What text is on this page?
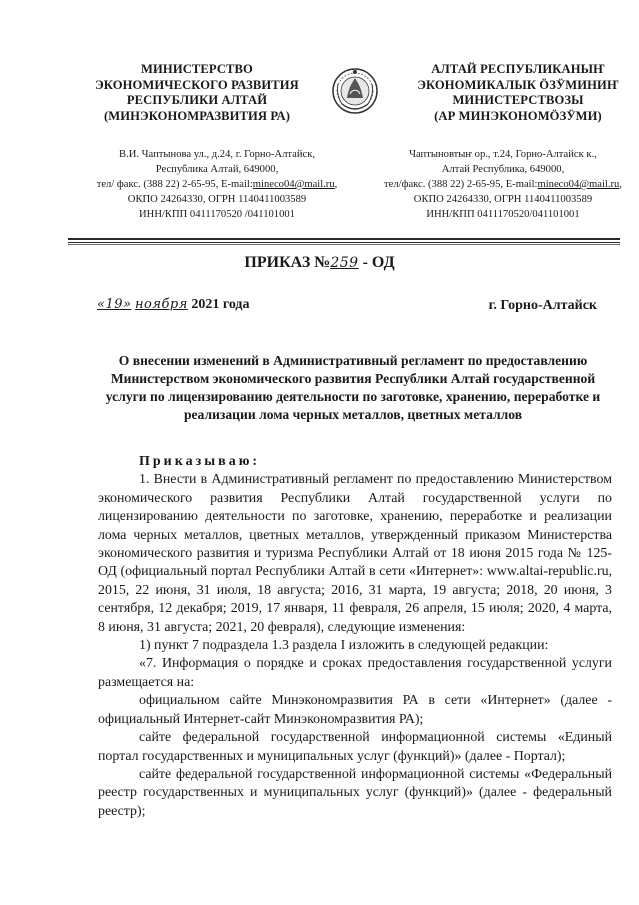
МИНИСТЕРСТВО
ЭКОНОМИЧЕСКОГО РАЗВИТИЯ
РЕСПУБЛИКИ АЛТАЙ
(МИНЭКОНОМРАЗВИТИЯ РА)
АЛТАЙ РЕСПУБЛИКАНЫҤ
ЭКОНОМИКАЛЫК ӦЗӰМИНИҤ
МИНИСТЕРСТВОЗЫ
(АР МИНЭКОНОМӦЗӰМИ)
В.И. Чаптынова ул., д.24, г. Горно-Алтайск,
Республика Алтай, 649000,
тел/ факс. (388 22) 2-65-95, E-mail:mineco04@mail.ru,
ОКПО 24264330, ОГРН 1140411003589
ИНН/КПП 0411170520 /041101001
Чаптыновтыҥ ор., т.24, Горно-Алтайск к.,
Алтай Республика, 649000,
тел/факс. (388 22) 2-65-95, E-mail:mineco04@mail.ru,
ОКПО 24264330, ОГРН 1140411003589
ИНН/КПП 0411170520/041101001
ПРИКАЗ №259 - ОД
«19» ноября 2021 года	г. Горно-Алтайск
О внесении изменений в Административный регламент по предоставлению Министерством экономического развития Республики Алтай государственной услуги по лицензированию деятельности по заготовке, хранению, переработке и реализации лома черных металлов, цветных металлов

Приказываю:

1. Внести в Административный регламент по предоставлению Министерством экономического развития Республики Алтай государственной услуги по лицензированию деятельности по заготовке, хранению, переработке и реализации лома черных металлов, цветных металлов, утвержденный приказом Министерства экономического развития и туризма Республики Алтай от 18 июня 2015 года № 125-ОД (официальный портал Республики Алтай в сети «Интернет»: www.altai-republic.ru, 2015, 22 июня, 31 июля, 18 августа; 2016, 31 марта, 19 августа; 2018, 20 июня, 3 сентября, 12 декабря; 2019, 17 января, 11 февраля, 26 апреля, 15 июля; 2020, 4 марта, 8 июня, 31 августа; 2021, 20 февраля), следующие изменения:

1) пункт 7 подраздела 1.3 раздела I изложить в следующей редакции:

«7. Информация о порядке и сроках предоставления государственной услуги размещается на:

официальном сайте Минэкономразвития РА в сети «Интернет» (далее - официальный Интернет-сайт Минэкономразвития РА);

сайте федеральной государственной информационной системы «Единый портал государственных и муниципальных услуг (функций)» (далее - Портал);

сайте федеральной государственной информационной системы «Федеральный реестр государственных и муниципальных услуг (функций)» (далее - федеральный реестр);
